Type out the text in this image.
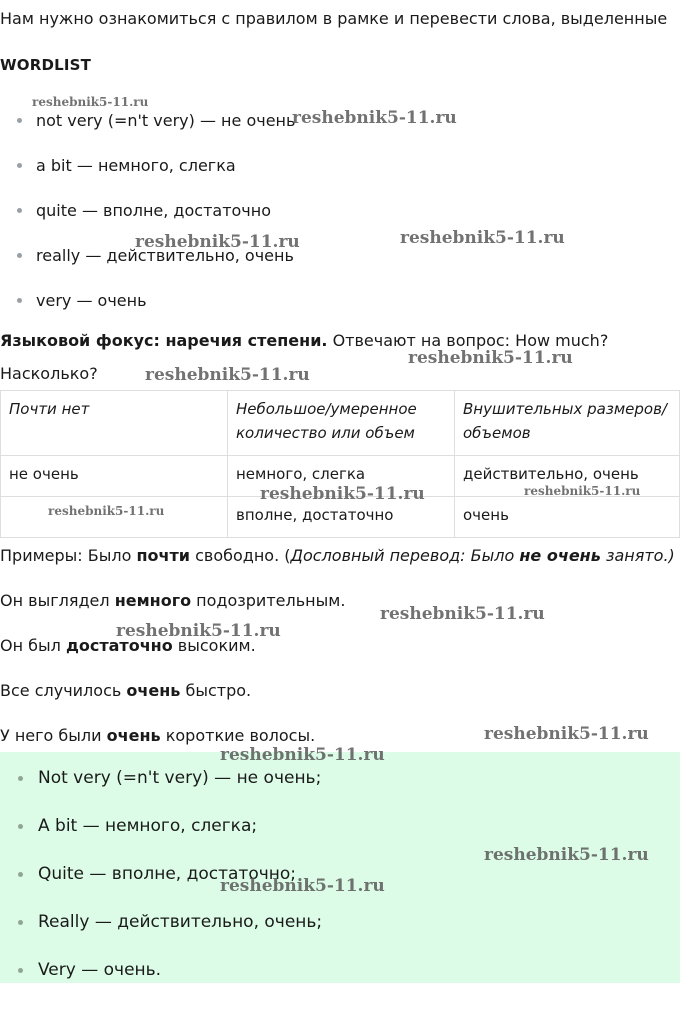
Нам нужно ознакомиться с правилом в рамке и перевести слова, выделенные
WORDLIST
not very (=n't very) — не очень
a bit — немного, слегка
quite — вполне, достаточно
really — действительно, очень
very — очень
Языковой фокус: наречия степени. Отвечают на вопрос: How much? Насколько?
Почти нет	Небольшое/умеренное количество или объем	Внушительных размеров/ объемов
не очень	немного, слегка	действительно, очень
	вполне, достаточно	очень

Примеры: Было почти свободно. (Дословный перевод: Было не очень занято.)

Он выглядел немного подозрительным.

Он был достаточно высоким.

Все случилось очень быстро.

У него были очень короткие волосы.

Not very (=n't very) — не очень;
A bit — немного, слегка;
Quite — вполне, достаточно;
Really — действительно, очень;
Very — очень.
reshebnik5-11.ru
reshebnik5-11.ru
reshebnik5-11.ru	reshebnik5-11.ru
reshebnik5-11.ru
reshebnik5-11.ru
reshebnik5-11.ru	reshebnik5-11.ru
reshebnik5-11.ru
reshebnik5-11.ru
reshebnik5-11.ru
reshebnik5-11.ru
reshebnik5-11.ru
reshebnik5-11.ru
reshebnik5-11.ru
